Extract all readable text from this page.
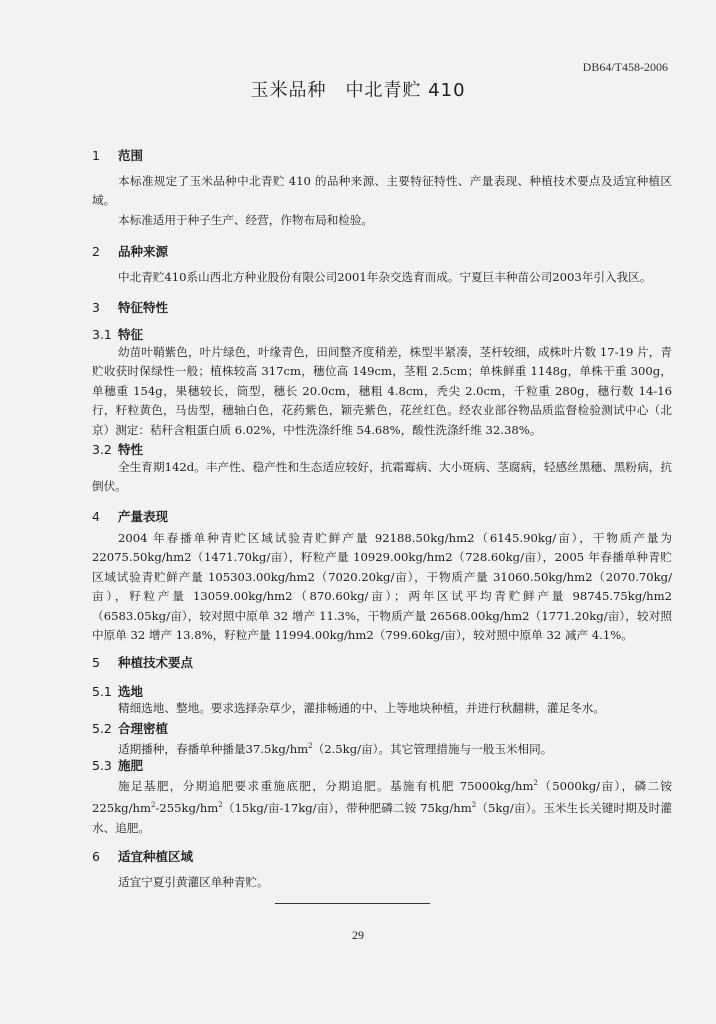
DB64/T458-2006
玉米品种　中北青贮 410
1 范围
本标准规定了玉米品种中北青贮 410 的品种来源、主要特征特性、产量表现、种植技术要点及适宜种植区域。
本标准适用于种子生产、经营，作物布局和检验。
2 品种来源
中北青贮410系山西北方种业股份有限公司2001年杂交选育而成。宁夏巨丰种苗公司2003年引入我区。
3 特征特性
3.1 特征
幼苗叶鞘紫色，叶片绿色，叶缘青色，田间整齐度稍差，株型半紧凑，茎杆较细，成株叶片数 17-19 片，青贮收获时保绿性一般；植株较高 317cm，穗位高 149cm，茎粗 2.5cm；单株鲜重 1148g，单株干重 300g，单穗重 154g，果穗较长，筒型，穗长 20.0cm，穗粗 4.8cm，秃尖 2.0cm，千粒重 280g，穗行数 14-16 行，籽粒黄色，马齿型，穗轴白色，花药紫色，颖壳紫色，花丝红色。经农业部谷物品质监督检验测试中心（北京）测定：秸秆含粗蛋白质 6.02%，中性洗涤纤维 54.68%，酸性洗涤纤维 32.38%。
3.2 特性
全生育期142d。丰产性、稳产性和生态适应较好，抗霜霉病、大小斑病、茎腐病，轻感丝黑穗、黑粉病，抗倒伏。
4 产量表现
2004 年春播单种青贮区域试验青贮鲜产量 92188.50kg/hm2（6145.90kg/亩），干物质产量为 22075.50kg/hm2（1471.70kg/亩），籽粒产量 10929.00kg/hm2（728.60kg/亩），2005 年春播单种青贮区域试验青贮鲜产量 105303.00kg/hm2（7020.20kg/亩），干物质产量 31060.50kg/hm2（2070.70kg/亩），籽粒产量 13059.00kg/hm2（870.60kg/亩）；两年区试平均青贮鲜产量 98745.75kg/hm2（6583.05kg/亩），较对照中原单 32 增产 11.3%，干物质产量 26568.00kg/hm2（1771.20kg/亩），较对照中原单 32 增产 13.8%，籽粒产量 11994.00kg/hm2（799.60kg/亩），较对照中原单 32 减产 4.1%。
5 种植技术要点
5.1 选地
精细选地、整地。要求选择杂草少，灌排畅通的中、上等地块种植，并进行秋翻耕，灌足冬水。
5.2 合理密植
适期播种，春播单种播量$37.5kg/hm^2(2.5kg/$亩）。其它管理措施与一般玉米相同。
5.3 施肥
施足基肥，分期追肥要求重施底肥，分期追肥。基施有机肥 $75000kg/hm^2(5000kg/$亩），磷二铵 $225kg/hm^2-255kg/hm^2(15kg/$亩-17kg/亩），带种肥磷二铵 $75kg/hm^2(5kg/$亩）。玉米生长关键时期及时灌水、追肥。
6 适宜种植区域
适宜宁夏引黄灌区单种青贮。
29
